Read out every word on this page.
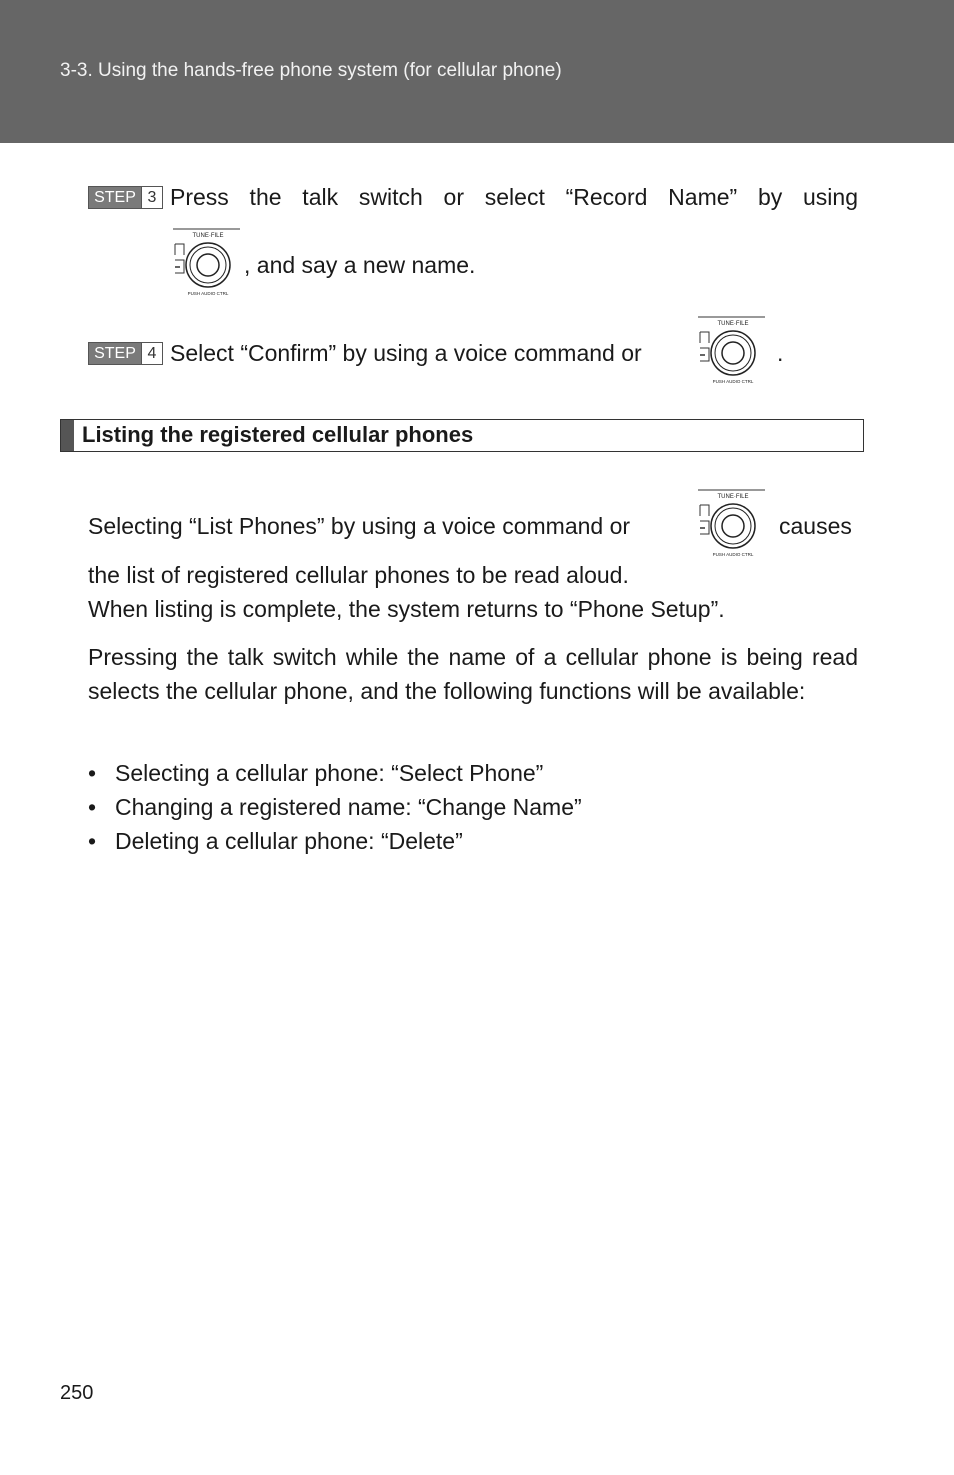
3-3. Using the hands-free phone system (for cellular phone)
STEP 3 Press the talk switch or select “Record Name” by using
TUNE·FILE
PUSH AUDIO CTRL
, and say a new name.
STEP 4 Select “Confirm” by using a voice command or
TUNE·FILE
PUSH AUDIO CTRL
.
Listing the registered cellular phones
Selecting “List Phones” by using a voice command or
TUNE·FILE
PUSH AUDIO CTRL
causes
the list of registered cellular phones to be read aloud.
When listing is complete, the system returns to “Phone Setup”.
Pressing the talk switch while the name of a cellular phone is being read selects the cellular phone, and the following functions will be available:
• Selecting a cellular phone: “Select Phone”
• Changing a registered name: “Change Name”
• Deleting a cellular phone: “Delete”
250
